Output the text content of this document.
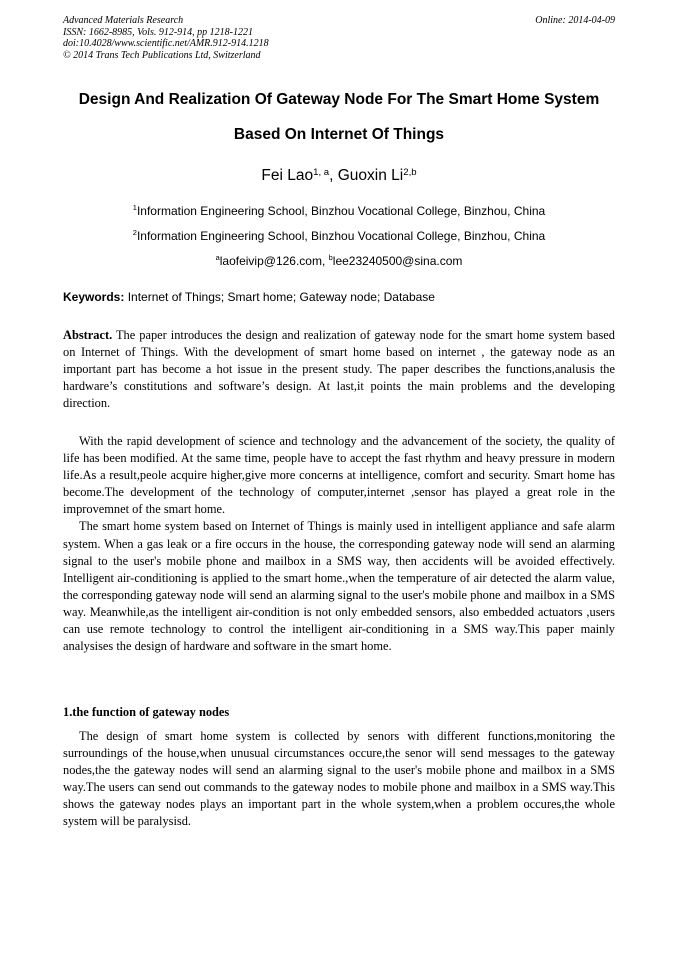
Advanced Materials Research
ISSN: 1662-8985, Vols. 912-914, pp 1218-1221
doi:10.4028/www.scientific.net/AMR.912-914.1218
© 2014 Trans Tech Publications Ltd, Switzerland
Online: 2014-04-09
Design And Realization Of Gateway Node For The Smart Home System
Based On Internet Of Things
Fei Lao$^{1, a}$, Guoxin Li$^{2,b}$
$^1$Information Engineering School, Binzhou Vocational College, Binzhou, China
$^2$Information Engineering School, Binzhou Vocational College, Binzhou, China
$^a$laofeivip@126.com, $^b$lee23240500@sina.com
Keywords: Internet of Things; Smart home; Gateway node; Database

Abstract. The paper introduces the design and realization of gateway node for the smart home system based on Internet of Things. With the development of smart home based on internet , the gateway node as an important part has become a hot issue in the present study. The paper describes the functions,analusis the hardware’s constitutions and software’s design. At last,it points the main problems and the developing direction.

With the rapid development of science and technology and the advancement of the society, the quality of life has been modified. At the same time, people have to accept the fast rhythm and heavy pressure in modern life.As a result,peole acquire higher,give more concerns at intelligence, comfort and security. Smart home has become.The development of the technology of computer,internet ,sensor has played a great role in the improvemnet of the smart home.

The smart home system based on Internet of Things is mainly used in intelligent appliance and safe alarm system. When a gas leak or a fire occurs in the house, the corresponding gateway node will send an alarming signal to the user's mobile phone and mailbox in a SMS way, then accidents will be avoided effectively. Intelligent air-conditioning is applied to the smart home.,when the temperature of air detected the alarm value, the corresponding gateway node will send an alarming signal to the user's mobile phone and mailbox in a SMS way. Meanwhile,as the intelligent air-condition is not only embedded sensors, also embedded actuators ,users can use remote technology to control the intelligent air-conditioning in a SMS way.This paper mainly analysises the design of hardware and software in the smart home.

1.the function of gateway nodes

The design of smart home system is collected by senors with different functions,monitoring the surroundings of the house,when unusual circumstances occure,the senor will send messages to the gateway nodes,the the gateway nodes will send an alarming signal to the user's mobile phone and mailbox in a SMS way.The users can send out commands to the gateway nodes to mobile phone and mailbox in a SMS way.This shows the gateway nodes plays an important part in the whole system,when a problem occures,the whole system will be paralysisd.
